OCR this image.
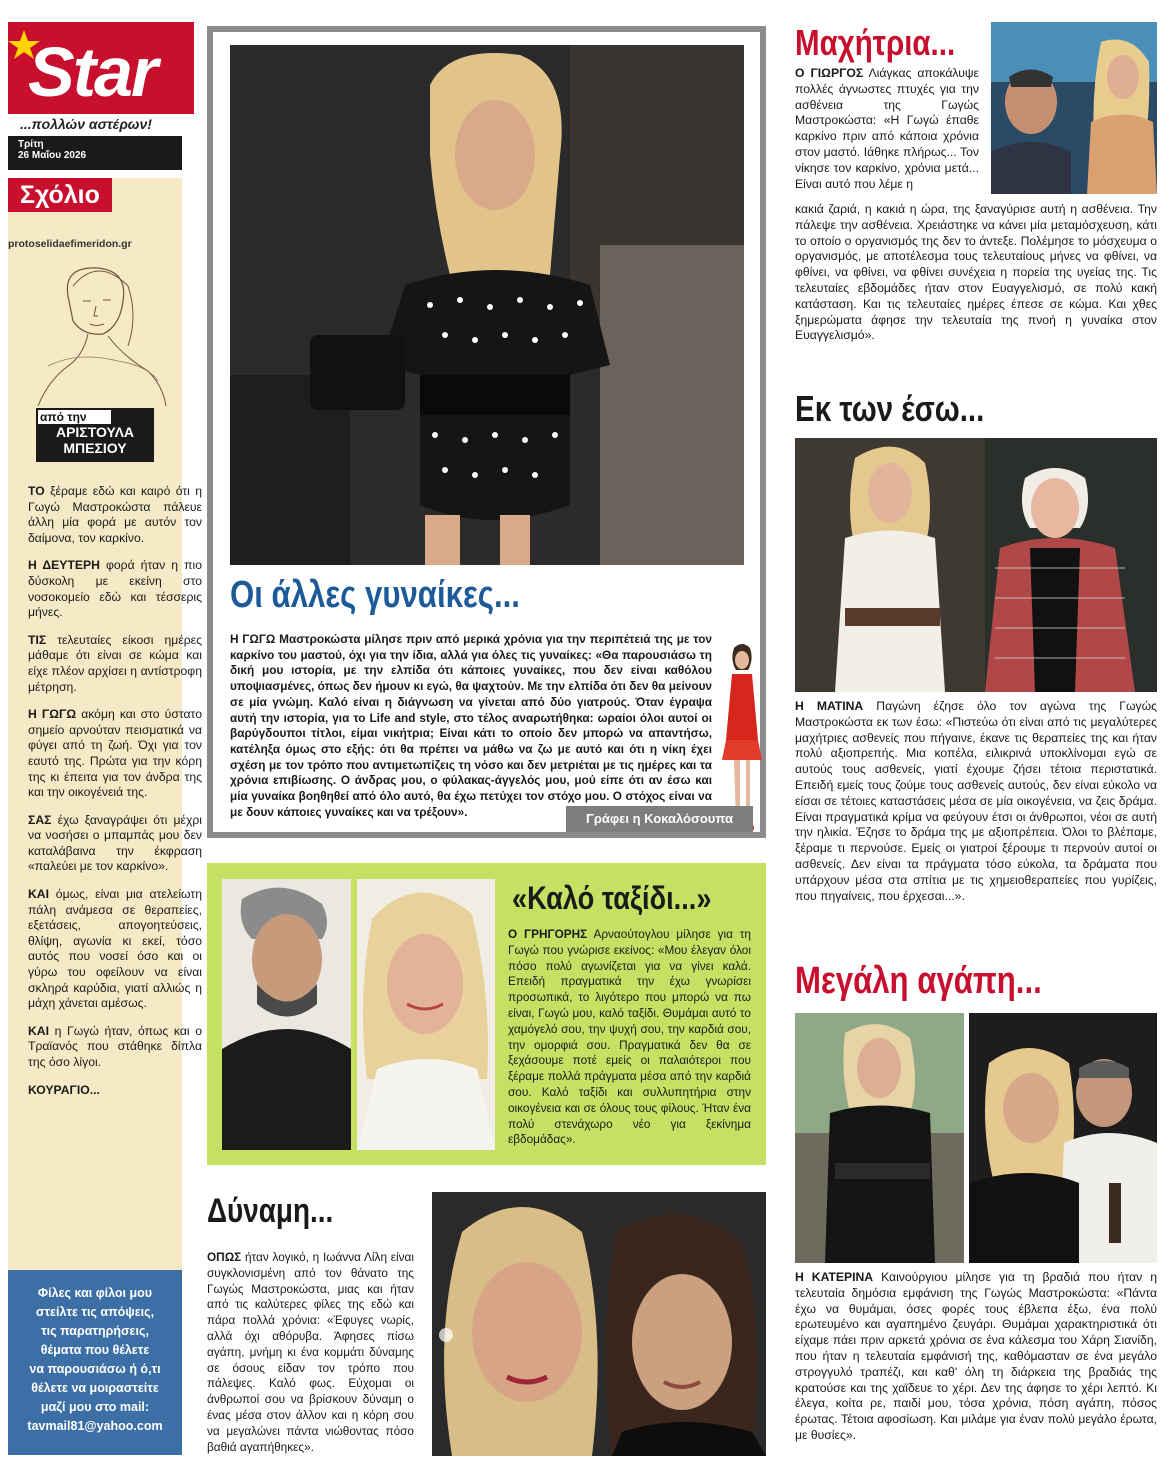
Star
...πολλών αστέρων!
Τρίτη
26 Μαΐου 2026
Σχόλιο
protoselidaefimeridon.gr
από την
ΑΡΙΣΤΟΥΛΑ
ΜΠΕΣΙΟΥ

ΤΟ ξέραμε εδώ και καιρό ότι η Γωγώ Μαστροκώστα πάλευε άλλη μία φορά με αυτόν τον δαίμονα, τον καρκίνο.

Η ΔΕΥΤΕΡΗ φορά ήταν η πιο δύσκολη με εκείνη στο νοσοκομείο εδώ και τέσσερις μήνες.

ΤΙΣ τελευταίες είκοσι ημέρες μάθαμε ότι είναι σε κώμα και είχε πλέον αρχίσει η αντίστροφη μέτρηση.

Η ΓΩΓΩ ακόμη και στο ύστατο σημείο αρνούταν πεισματικά να φύγει από τη ζωή. Όχι για τον εαυτό της. Πρώτα για την κόρη της κι έπειτα για τον άνδρα της και την οικογένειά της.

ΣΑΣ έχω ξαναγράψει ότι μέχρι να νοσήσει ο μπαμπάς μου δεν καταλάβαινα την έκφραση «παλεύει με τον καρκίνο».

ΚΑΙ όμως, είναι μια ατελείωτη πάλη ανάμεσα σε θεραπείες, εξετάσεις, απογοητεύσεις, θλίψη, αγωνία κι εκεί, τόσο αυτός που νοσεί όσο και οι γύρω του οφείλουν να είναι σκληρά καρύδια, γιατί αλλιώς η μάχη χάνεται αμέσως.

ΚΑΙ η Γωγώ ήταν, όπως και ο Τραϊανός που στάθηκε δίπλα της όσο λίγοι.

ΚΟΥΡΑΓΙΟ...

Φίλες και φίλοι μου
στείλτε τις απόψεις,
τις παρατηρήσεις,
θέματα που θέλετε
να παρουσιάσω ή ό,τι
θέλετε να μοιραστείτε
μαζί μου στο mail:
tavmail81@yahoo.com
Οι άλλες γυναίκες...
Η ΓΩΓΩ Μαστροκώστα μίλησε πριν από μερικά χρόνια για την περιπέτειά της με τον καρκίνο του μαστού, όχι για την ίδια, αλλά για όλες τις γυναίκες: «Θα παρουσιάσω τη δική μου ιστορία, με την ελπίδα ότι κάποιες γυναίκες, που δεν είναι καθόλου υποψιασμένες, όπως δεν ήμουν κι εγώ, θα ψαχτούν. Με την ελπίδα ότι δεν θα μείνουν σε μία γνώμη. Καλό είναι η διάγνωση να γίνεται από δύο γιατρούς. Όταν έγραψα αυτή την ιστορία, για το Life and style, στο τέλος αναρωτήθηκα: ωραίοι όλοι αυτοί οι βαρύγδουποι τίτλοι, είμαι νικήτρια; Είναι κάτι το οποίο δεν μπορώ να απαντήσω, κατέληξα όμως στο εξής: ότι θα πρέπει να μάθω να ζω με αυτό και ότι η νίκη έχει σχέση με τον τρόπο που αντιμετωπίζεις τη νόσο και δεν μετριέται με τις ημέρες και τα χρόνια επιβίωσης. Ο άνδρας μου, ο φύλακας-άγγελός μου, μού είπε ότι αν έσω και μία γυναίκα βοηθηθεί από όλο αυτό, θα έχω πετύχει τον στόχο μου. Ο στόχος είναι να με δουν κάποιες γυναίκες και να τρέξουν».	Γράφει η Κοκαλόσουπα
«Καλό ταξίδι...»
Ο ΓΡΗΓΟΡΗΣ Αρναούτογλου μίλησε για τη Γωγώ που γνώρισε εκείνος: «Μου έλεγαν όλοι πόσο πολύ αγωνίζεται για να γίνει καλά. Επειδή πραγματικά την έχω γνωρίσει προσωπικά, το λιγότερο που μπορώ να πω είναι, Γωγώ μου, καλό ταξίδι. Θυμάμαι αυτό το χαμόγελό σου, την ψυχή σου, την καρδιά σου, την ομορφιά σου. Πραγματικά δεν θα σε ξεχάσουμε ποτέ εμείς οι παλαιότεροι που ξέραμε πολλά πράγματα μέσα από την καρδιά σου. Καλό ταξίδι και συλλυπητήρια στην οικογένεια και σε όλους τους φίλους. Ήταν ένα πολύ στενάχωρο νέο για ξεκίνημα εβδομάδας».
Δύναμη...
ΟΠΩΣ ήταν λογικό, η Ιωάννα Λίλη είναι συγκλονισμένη από τον θάνατο της Γωγώς Μαστροκώστα, μιας και ήταν από τις καλύτερες φίλες της εδώ και πάρα πολλά χρόνια: «Έφυγες νωρίς, αλλά όχι αθόρυβα. Άφησες πίσω αγάπη, μνήμη κι ένα κομμάτι δύναμης σε όσους είδαν τον τρόπο που πάλεψες. Καλό φως. Εύχομαι οι άνθρωποί σου να βρίσκουν δύναμη ο ένας μέσα στον άλλον και η κόρη σου να μεγαλώνει πάντα νιώθοντας πόσο βαθιά αγαπήθηκες».
Μαχήτρια...
Ο ΓΙΩΡΓΟΣ Λιάγκας αποκάλυψε πολλές άγνωστες πτυχές για την ασθένεια της Γωγώς Μαστροκώστα: «Η Γωγώ έπαθε καρκίνο πριν από κάποια χρόνια στον μαστό. Ιάθηκε πλήρως... Τον νίκησε τον καρκίνο, χρόνια μετά... Είναι αυτό που λέμε η
κακιά ζαριά, η κακιά η ώρα, της ξαναγύρισε αυτή η ασθένεια. Την πάλεψε την ασθένεια. Χρειάστηκε να κάνει μία μεταμόσχευση, κάτι το οποίο ο οργανισμός της δεν το άντεξε. Πολέμησε το μόσχευμα ο οργανισμός, με αποτέλεσμα τους τελευταίους μήνες να φθίνει, να φθίνει, να φθίνει, να φθίνει συνέχεια η πορεία της υγείας της. Τις τελευταίες εβδομάδες ήταν στον Ευαγγελισμό, σε πολύ κακή κατάσταση. Και τις τελευταίες ημέρες έπεσε σε κώμα. Και χθες ξημερώματα άφησε την τελευταία της πνοή η γυναίκα στον Ευαγγελισμό».
Εκ των έσω...
Η ΜΑΤΙΝΑ Παγώνη έζησε όλο τον αγώνα της Γωγώς Μαστροκώστα εκ των έσω: «Πιστεύω ότι είναι από τις μεγαλύτερες μαχήτριες ασθενείς που πήγαινε, έκανε τις θεραπείες της και ήταν πολύ αξιοπρεπής. Μια κοπέλα, ειλικρινά υποκλίνομαι εγώ σε αυτούς τους ασθενείς, γιατί έχουμε ζήσει τέτοια περιστατικά. Επειδή εμείς τους ζούμε τους ασθενείς αυτούς, δεν είναι εύκολο να είσαι σε τέτοιες καταστάσεις μέσα σε μία οικογένεια, να ζεις δράμα. Είναι πραγματικά κρίμα να φεύγουν έτσι οι άνθρωποι, νέοι σε αυτή την ηλικία. Έζησε το δράμα της με αξιοπρέπεια. Όλοι το βλέπαμε, ξέραμε τι περνούσε. Εμείς οι γιατροί ξέρουμε τι περνούν αυτοί οι ασθενείς. Δεν είναι τα πράγματα τόσο εύκολα, τα δράματα που υπάρχουν μέσα στα σπίτια με τις χημειοθεραπείες που γυρίζεις, που πηγαίνεις, που έρχεσαι...».
Μεγάλη αγάπη...
Η ΚΑΤΕΡΙΝΑ Καινούργιου μίλησε για τη βραδιά που ήταν η τελευταία δημόσια εμφάνιση της Γωγώς Μαστροκώστα: «Πάντα έχω να θυμάμαι, όσες φορές τους έβλεπα έξω, ένα πολύ ερωτευμένο και αγαπημένο ζευγάρι. Θυμάμαι χαρακτηριστικά ότι είχαμε πάει πριν αρκετά χρόνια σε ένα κάλεσμα του Χάρη Σιανίδη, που ήταν η τελευταία εμφάνισή της, καθόμασταν σε ένα μεγάλο στρογγυλό τραπέζι, και καθ' όλη τη διάρκεια της βραδιάς της κρατούσε και της χαϊδευε το χέρι. Δεν της άφησε το χέρι λεπτό. Κι έλεγα, κοίτα ρε, παιδί μου, τόσα χρόνια, πόση αγάπη, πόσος έρωτας. Τέτοια αφοσίωση. Και μιλάμε για έναν πολύ μεγάλο έρωτα, με θυσίες».
